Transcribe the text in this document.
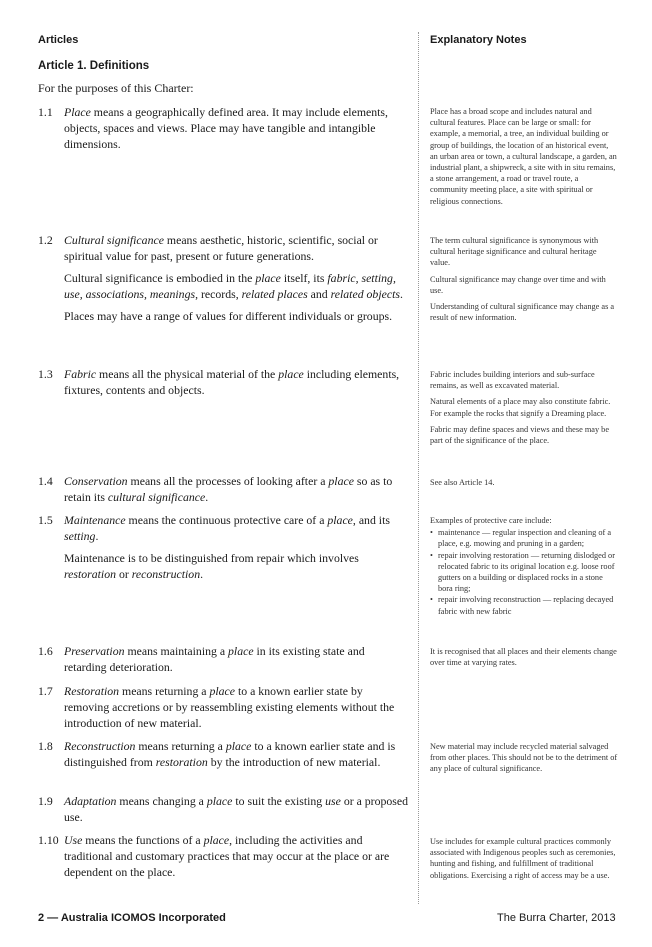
Articles	Explanatory Notes
Article 1. Definitions
For the purposes of this Charter:
1.1 Place means a geographically defined area. It may include elements, objects, spaces and views. Place may have tangible and intangible dimensions.

1.2 Cultural significance means aesthetic, historic, scientific, social or spiritual value for past, present or future generations.

Cultural significance is embodied in the place itself, its fabric, setting, use, associations, meanings, records, related places and related objects.

Places may have a range of values for different individuals or groups.

1.3 Fabric means all the physical material of the place including elements, fixtures, contents and objects.

1.4 Conservation means all the processes of looking after a place so as to retain its cultural significance.

1.5 Maintenance means the continuous protective care of a place, and its setting.

Maintenance is to be distinguished from repair which involves restoration or reconstruction.

1.6 Preservation means maintaining a place in its existing state and retarding deterioration.

1.7 Restoration means returning a place to a known earlier state by removing accretions or by reassembling existing elements without the introduction of new material.

1.8 Reconstruction means returning a place to a known earlier state and is distinguished from restoration by the introduction of new material.

1.9 Adaptation means changing a place to suit the existing use or a proposed use.

1.10 Use means the functions of a place, including the activities and traditional and customary practices that may occur at the place or are dependent on the place.

Place has a broad scope and includes natural and cultural features. Place can be large or small: for example, a memorial, a tree, an individual building or group of buildings, the location of an historical event, an urban area or town, a cultural landscape, a garden, an industrial plant, a shipwreck, a site with in situ remains, a stone arrangement, a road or travel route, a community meeting place, a site with spiritual or religious connections.

The term cultural significance is synonymous with cultural heritage significance and cultural heritage value.

Cultural significance may change over time and with use.

Understanding of cultural significance may change as a result of new information.

Fabric includes building interiors and sub-surface remains, as well as excavated material.

Natural elements of a place may also constitute fabric. For example the rocks that signify a Dreaming place.

Fabric may define spaces and views and these may be part of the significance of the place.

See also Article 14.

Examples of protective care include:

• maintenance — regular inspection and cleaning of a place, e.g. mowing and pruning in a garden;
• repair involving restoration — returning dislodged or relocated fabric to its original location e.g. loose roof gutters on a building or displaced rocks in a stone bora ring;
• repair involving reconstruction — replacing decayed fabric with new fabric

It is recognised that all places and their elements change over time at varying rates.

New material may include recycled material salvaged from other places. This should not be to the detriment of any place of cultural significance.

Use includes for example cultural practices commonly associated with Indigenous peoples such as ceremonies, hunting and fishing, and fulfillment of traditional obligations. Exercising a right of access may be a use.

2 — Australia ICOMOS Incorporated	The Burra Charter, 2013
